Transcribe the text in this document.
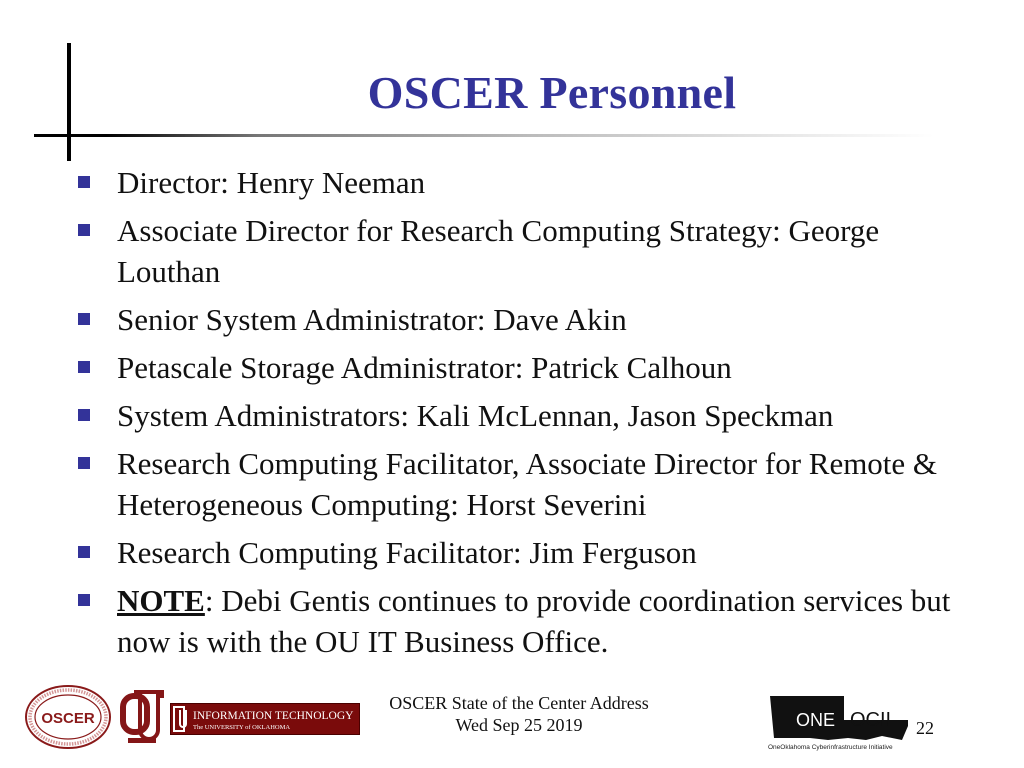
OSCER Personnel
Director: Henry Neeman
Associate Director for Research Computing Strategy: George Louthan
Senior System Administrator: Dave Akin
Petascale Storage Administrator: Patrick Calhoun
System Administrators: Kali McLennan, Jason Speckman
Research Computing Facilitator, Associate Director for Remote & Heterogeneous Computing: Horst Severini
Research Computing Facilitator: Jim Ferguson
NOTE: Debi Gentis continues to provide coordination services but now is with the OU IT Business Office.
OSCER	INFORMATION TECHNOLOGY
The UNIVERSITY of OKLAHOMA	ONE OCII
OneOklahoma Cyberinfrastructure Initiative
OSCER State of the Center Address
Wed Sep 25 2019	22
